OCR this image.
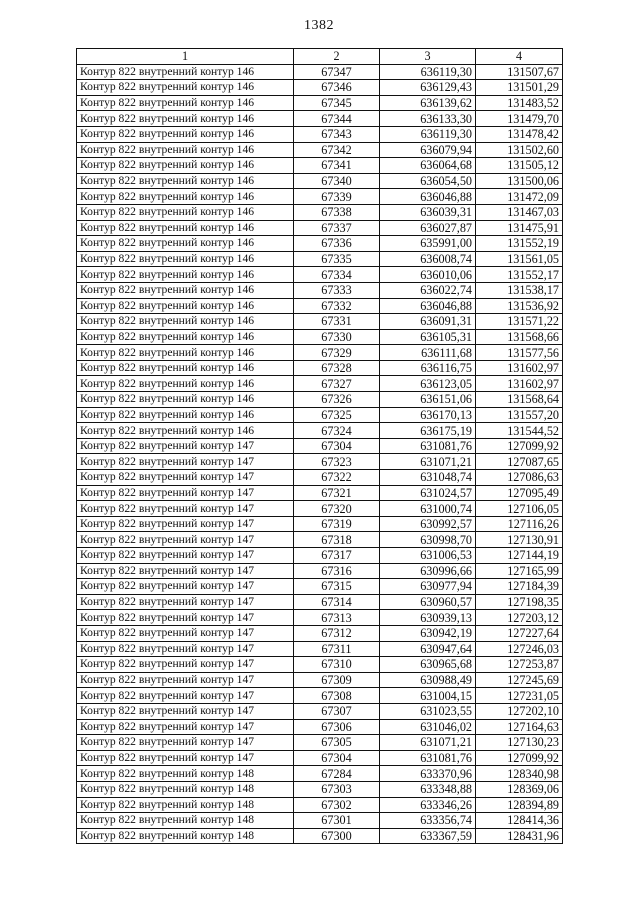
1382
1	2	3	4
Контур 822 внутренний контур 146	67347	636119,30	131507,67
Контур 822 внутренний контур 146	67346	636129,43	131501,29
Контур 822 внутренний контур 146	67345	636139,62	131483,52
Контур 822 внутренний контур 146	67344	636133,30	131479,70
Контур 822 внутренний контур 146	67343	636119,30	131478,42
Контур 822 внутренний контур 146	67342	636079,94	131502,60
Контур 822 внутренний контур 146	67341	636064,68	131505,12
Контур 822 внутренний контур 146	67340	636054,50	131500,06
Контур 822 внутренний контур 146	67339	636046,88	131472,09
Контур 822 внутренний контур 146	67338	636039,31	131467,03
Контур 822 внутренний контур 146	67337	636027,87	131475,91
Контур 822 внутренний контур 146	67336	635991,00	131552,19
Контур 822 внутренний контур 146	67335	636008,74	131561,05
Контур 822 внутренний контур 146	67334	636010,06	131552,17
Контур 822 внутренний контур 146	67333	636022,74	131538,17
Контур 822 внутренний контур 146	67332	636046,88	131536,92
Контур 822 внутренний контур 146	67331	636091,31	131571,22
Контур 822 внутренний контур 146	67330	636105,31	131568,66
Контур 822 внутренний контур 146	67329	636111,68	131577,56
Контур 822 внутренний контур 146	67328	636116,75	131602,97
Контур 822 внутренний контур 146	67327	636123,05	131602,97
Контур 822 внутренний контур 146	67326	636151,06	131568,64
Контур 822 внутренний контур 146	67325	636170,13	131557,20
Контур 822 внутренний контур 146	67324	636175,19	131544,52
Контур 822 внутренний контур 147	67304	631081,76	127099,92
Контур 822 внутренний контур 147	67323	631071,21	127087,65
Контур 822 внутренний контур 147	67322	631048,74	127086,63
Контур 822 внутренний контур 147	67321	631024,57	127095,49
Контур 822 внутренний контур 147	67320	631000,74	127106,05
Контур 822 внутренний контур 147	67319	630992,57	127116,26
Контур 822 внутренний контур 147	67318	630998,70	127130,91
Контур 822 внутренний контур 147	67317	631006,53	127144,19
Контур 822 внутренний контур 147	67316	630996,66	127165,99
Контур 822 внутренний контур 147	67315	630977,94	127184,39
Контур 822 внутренний контур 147	67314	630960,57	127198,35
Контур 822 внутренний контур 147	67313	630939,13	127203,12
Контур 822 внутренний контур 147	67312	630942,19	127227,64
Контур 822 внутренний контур 147	67311	630947,64	127246,03
Контур 822 внутренний контур 147	67310	630965,68	127253,87
Контур 822 внутренний контур 147	67309	630988,49	127245,69
Контур 822 внутренний контур 147	67308	631004,15	127231,05
Контур 822 внутренний контур 147	67307	631023,55	127202,10
Контур 822 внутренний контур 147	67306	631046,02	127164,63
Контур 822 внутренний контур 147	67305	631071,21	127130,23
Контур 822 внутренний контур 147	67304	631081,76	127099,92
Контур 822 внутренний контур 148	67284	633370,96	128340,98
Контур 822 внутренний контур 148	67303	633348,88	128369,06
Контур 822 внутренний контур 148	67302	633346,26	128394,89
Контур 822 внутренний контур 148	67301	633356,74	128414,36
Контур 822 внутренний контур 148	67300	633367,59	128431,96
